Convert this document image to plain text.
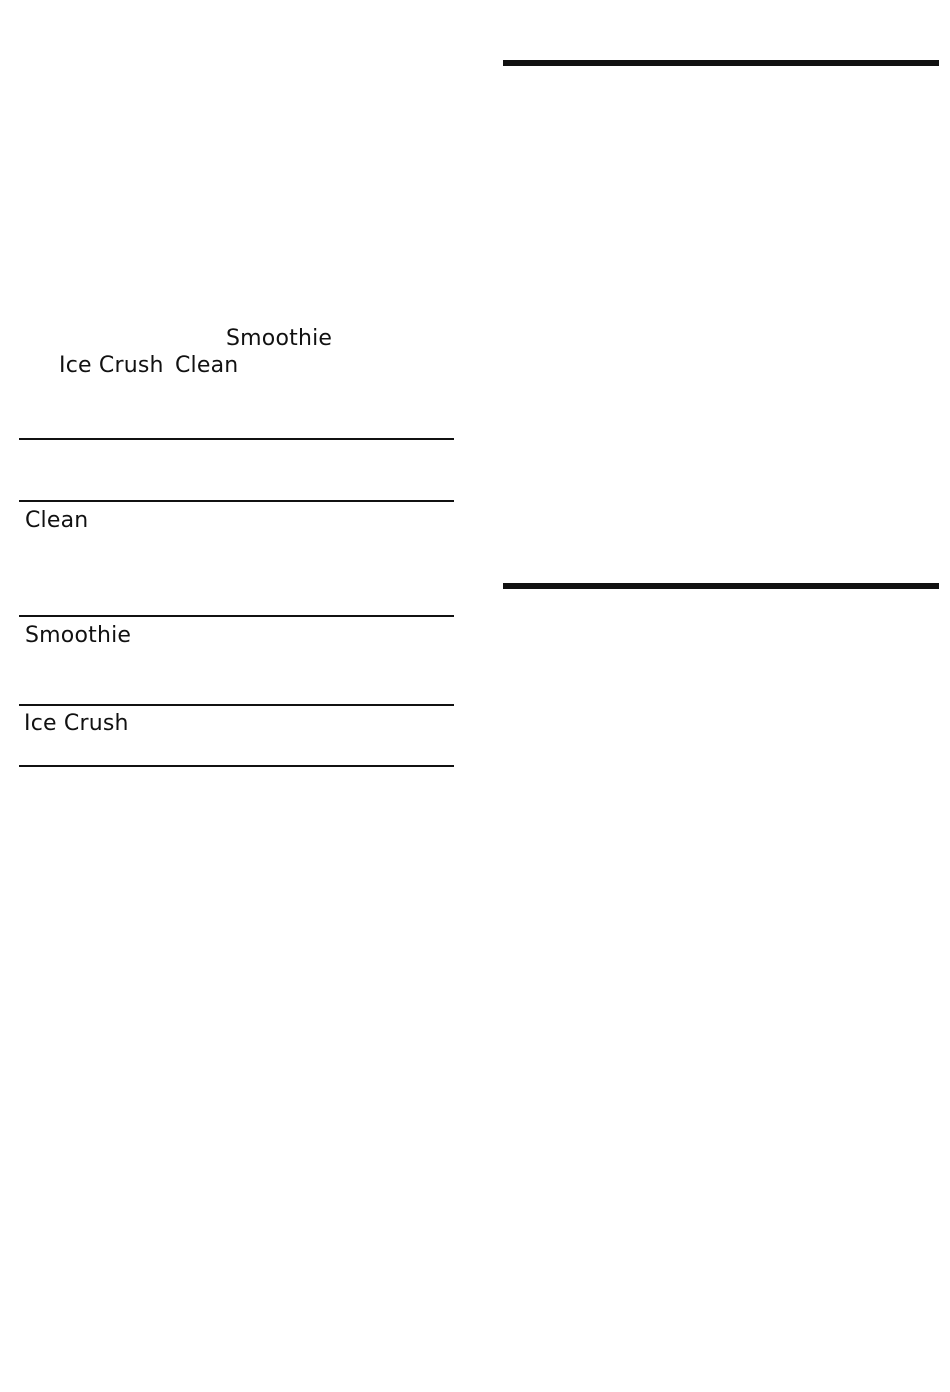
Smoothie
Ice Crush Clean
Clean
Smoothie
Ice Crush
